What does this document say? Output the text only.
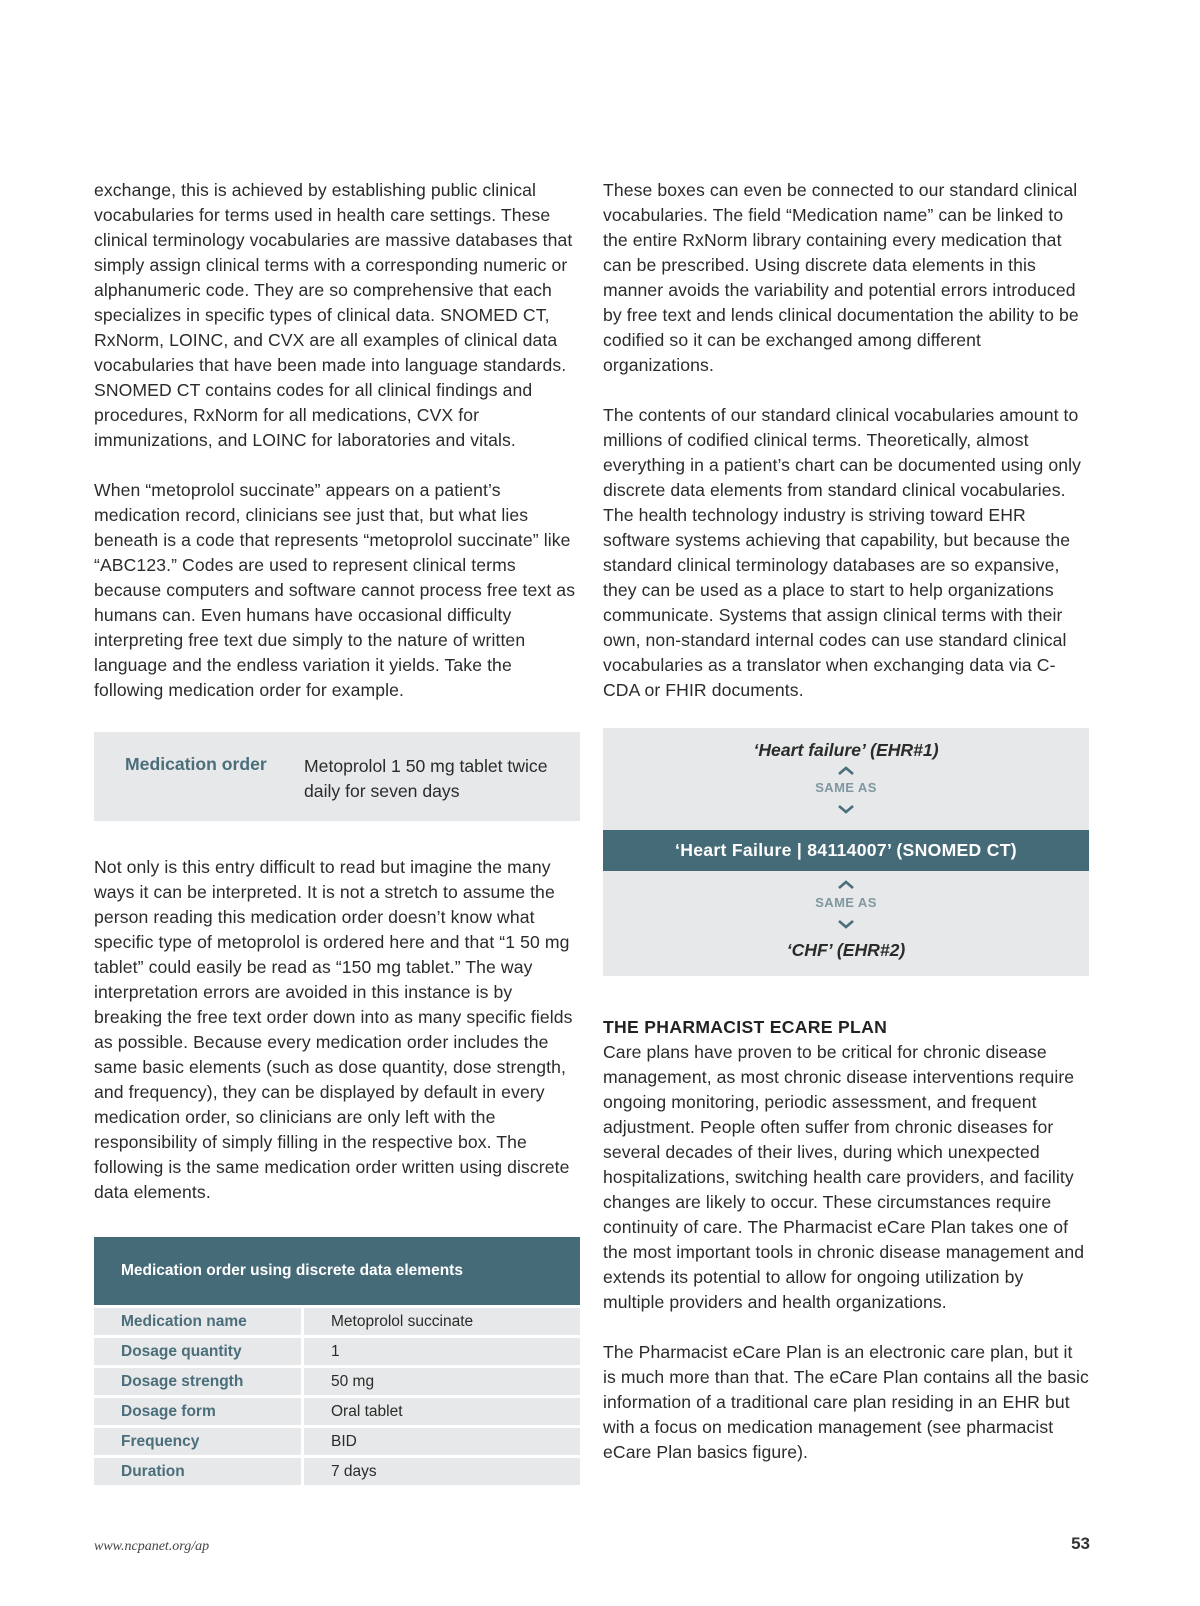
exchange, this is achieved by establishing public clinical vocabularies for terms used in health care settings. These clinical terminology vocabularies are massive databases that simply assign clinical terms with a corresponding numeric or alphanumeric code. They are so comprehensive that each specializes in specific types of clinical data. SNOMED CT, RxNorm, LOINC, and CVX are all examples of clinical data vocabularies that have been made into language standards. SNOMED CT contains codes for all clinical findings and procedures, RxNorm for all medications, CVX for immunizations, and LOINC for laboratories and vitals.

When “metoprolol succinate” appears on a patient’s medication record, clinicians see just that, but what lies beneath is a code that represents “metoprolol succinate” like “ABC123.” Codes are used to represent clinical terms because computers and software cannot process free text as humans can. Even humans have occasional difficulty interpreting free text due simply to the nature of written language and the endless variation it yields. Take the following medication order for example.

Medication order Metoprolol 1 50 mg tablet twice daily for seven days

Not only is this entry difficult to read but imagine the many ways it can be interpreted. It is not a stretch to assume the person reading this medication order doesn’t know what specific type of metoprolol is ordered here and that “1 50 mg tablet” could easily be read as “150 mg tablet.” The way interpretation errors are avoided in this instance is by breaking the free text order down into as many specific fields as possible. Because every medication order includes the same basic elements (such as dose quantity, dose strength, and frequency), they can be displayed by default in every medication order, so clinicians are only left with the responsibility of simply filling in the respective box. The following is the same medication order written using discrete data elements.

Medication order using discrete data elements
Medication name	Metoprolol succinate
Dosage quantity	1
Dosage strength	50 mg
Dosage form	Oral tablet
Frequency	BID
Duration	7 days

These boxes can even be connected to our standard clinical vocabularies. The field “Medication name” can be linked to the entire RxNorm library containing every medication that can be prescribed. Using discrete data elements in this manner avoids the variability and potential errors introduced by free text and lends clinical documentation the ability to be codified so it can be exchanged among different organizations.

The contents of our standard clinical vocabularies amount to millions of codified clinical terms. Theoretically, almost everything in a patient’s chart can be documented using only discrete data elements from standard clinical vocabularies. The health technology industry is striving toward EHR software systems achieving that capability, but because the standard clinical terminology databases are so expansive, they can be used as a place to start to help organizations communicate. Systems that assign clinical terms with their own, non-standard internal codes can use standard clinical vocabularies as a translator when exchanging data via C-CDA or FHIR documents.

‘Heart failure’ (EHR#1)
SAME AS
‘Heart Failure | 84114007’ (SNOMED CT)
SAME AS
‘CHF’ (EHR#2)
THE PHARMACIST ECARE PLAN

Care plans have proven to be critical for chronic disease management, as most chronic disease interventions require ongoing monitoring, periodic assessment, and frequent adjustment. People often suffer from chronic diseases for several decades of their lives, during which unexpected hospitalizations, switching health care providers, and facility changes are likely to occur. These circumstances require continuity of care. The Pharmacist eCare Plan takes one of the most important tools in chronic disease management and extends its potential to allow for ongoing utilization by multiple providers and health organizations.

The Pharmacist eCare Plan is an electronic care plan, but it is much more than that. The eCare Plan contains all the basic information of a traditional care plan residing in an EHR but with a focus on medication management (see pharmacist eCare Plan basics figure).

www.ncpanet.org/ap	53
